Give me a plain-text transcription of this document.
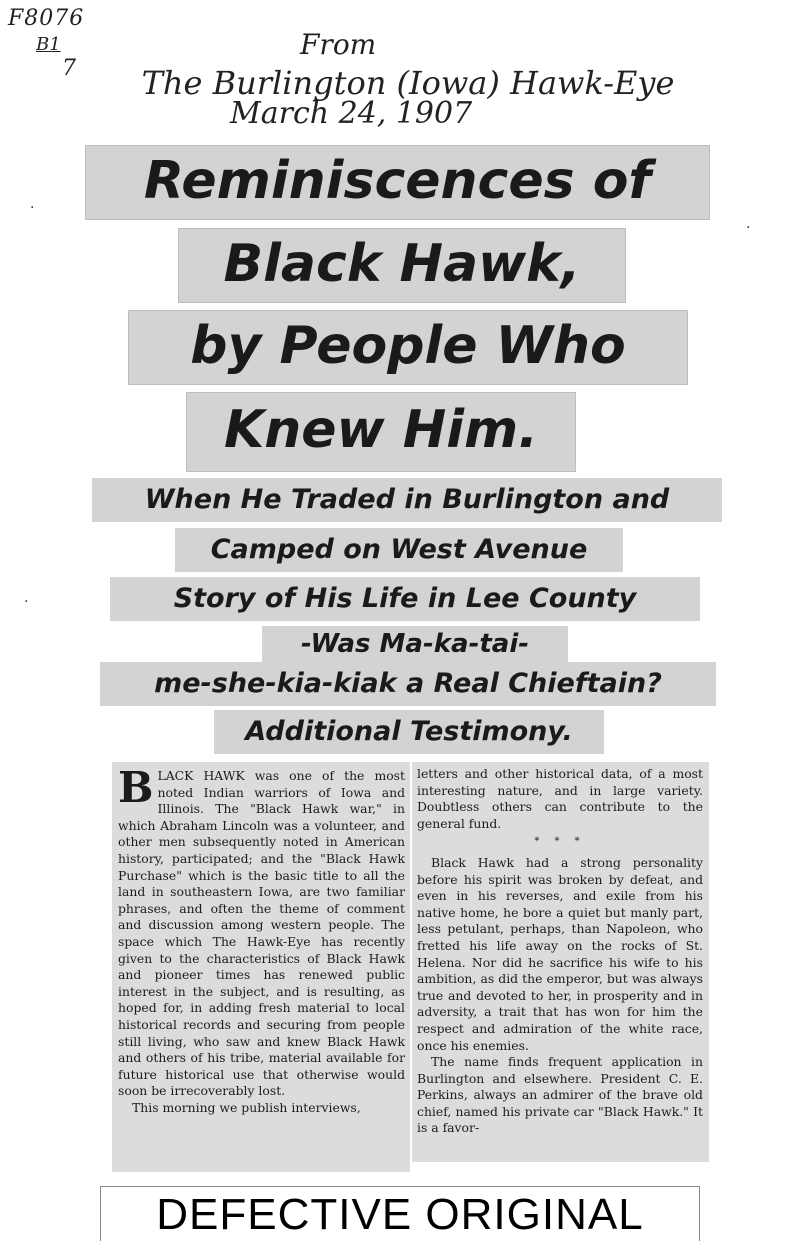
F8076
B1
7
From
The Burlington (Iowa) Hawk-Eye
March 24, 1907
·
·
·
Reminiscences of
Black Hawk,
by People Who
Knew Him.
When He Traded in Burlington and
Camped on West Avenue
Story of His Life in Lee County
-Was Ma-ka-tai-
me-she-kia-kiak a Real Chieftain?
Additional Testimony.

BLACK HAWK was one of the most noted Indian warriors of Iowa and Illinois. The "Black Hawk war," in which Abraham Lincoln was a volunteer, and other men subsequently noted in American history, participated; and the "Black Hawk Purchase" which is the basic title to all the land in southeastern Iowa, are two familiar phrases, and often the theme of comment and discussion among western people. The space which The Hawk-Eye has recently given to the characteristics of Black Hawk and pioneer times has renewed public interest in the subject, and is resulting, as hoped for, in adding fresh material to local historical records and securing from people still living, who saw and knew Black Hawk and others of his tribe, material available for future historical use that otherwise would soon be irrecoverably lost.

This morning we publish interviews,

letters and other historical data, of a most interesting nature, and in large variety. Doubtless others can contribute to the general fund.

* * *

Black Hawk had a strong personality before his spirit was broken by defeat, and even in his reverses, and exile from his native home, he bore a quiet but manly part, less petulant, perhaps, than Napoleon, who fretted his life away on the rocks of St. Helena. Nor did he sacrifice his wife to his ambition, as did the emperor, but was always true and devoted to her, in prosperity and in adversity, a trait that has won for him the respect and admiration of the white race, once his enemies.

The name finds frequent application in Burlington and elsewhere. President C. E. Perkins, always an admirer of the brave old chief, named his private car "Black Hawk." It is a favor-

DEFECTIVE ORIGINAL
